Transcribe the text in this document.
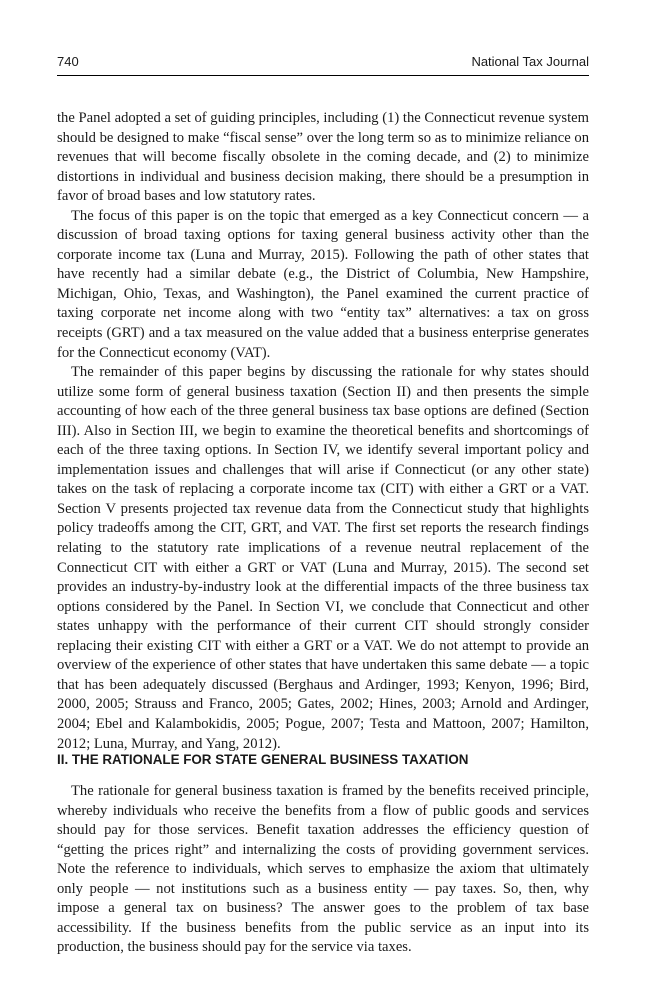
740	National Tax Journal

the Panel adopted a set of guiding principles, including (1) the Connecticut revenue system should be designed to make “fiscal sense” over the long term so as to minimize reliance on revenues that will become fiscally obsolete in the coming decade, and (2) to minimize distortions in individual and business decision making, there should be a presumption in favor of broad bases and low statutory rates.

The focus of this paper is on the topic that emerged as a key Connecticut concern — a discussion of broad taxing options for taxing general business activity other than the corporate income tax (Luna and Murray, 2015). Following the path of other states that have recently had a similar debate (e.g., the District of Columbia, New Hampshire, Michigan, Ohio, Texas, and Washington), the Panel examined the current practice of taxing corporate net income along with two “entity tax” alternatives: a tax on gross receipts (GRT) and a tax measured on the value added that a business enterprise generates for the Connecticut economy (VAT).

The remainder of this paper begins by discussing the rationale for why states should utilize some form of general business taxation (Section II) and then presents the simple accounting of how each of the three general business tax base options are defined (Section III). Also in Section III, we begin to examine the theoretical benefits and shortcomings of each of the three taxing options. In Section IV, we identify several important policy and implementation issues and challenges that will arise if Connecticut (or any other state) takes on the task of replacing a corporate income tax (CIT) with either a GRT or a VAT. Section V presents projected tax revenue data from the Connecticut study that highlights policy tradeoffs among the CIT, GRT, and VAT. The first set reports the research findings relating to the statutory rate implications of a revenue neutral replacement of the Connecticut CIT with either a GRT or VAT (Luna and Murray, 2015). The second set provides an industry-by-industry look at the differential impacts of the three business tax options considered by the Panel. In Section VI, we conclude that Connecticut and other states unhappy with the performance of their current CIT should strongly consider replacing their existing CIT with either a GRT or a VAT. We do not attempt to provide an overview of the experience of other states that have undertaken this same debate — a topic that has been adequately discussed (Berghaus and Ardinger, 1993; Kenyon, 1996; Bird, 2000, 2005; Strauss and Franco, 2005; Gates, 2002; Hines, 2003; Arnold and Ardinger, 2004; Ebel and Kalambokidis, 2005; Pogue, 2007; Testa and Mattoon, 2007; Hamilton, 2012; Luna, Murray, and Yang, 2012).

II. THE RATIONALE FOR STATE GENERAL BUSINESS TAXATION

The rationale for general business taxation is framed by the benefits received principle, whereby individuals who receive the benefits from a flow of public goods and services should pay for those services. Benefit taxation addresses the efficiency question of “getting the prices right” and internalizing the costs of providing government services. Note the reference to individuals, which serves to emphasize the axiom that ultimately only people — not institutions such as a business entity — pay taxes. So, then, why impose a general tax on business? The answer goes to the problem of tax base accessibility. If the business benefits from the public service as an input into its production, the business should pay for the service via taxes.
